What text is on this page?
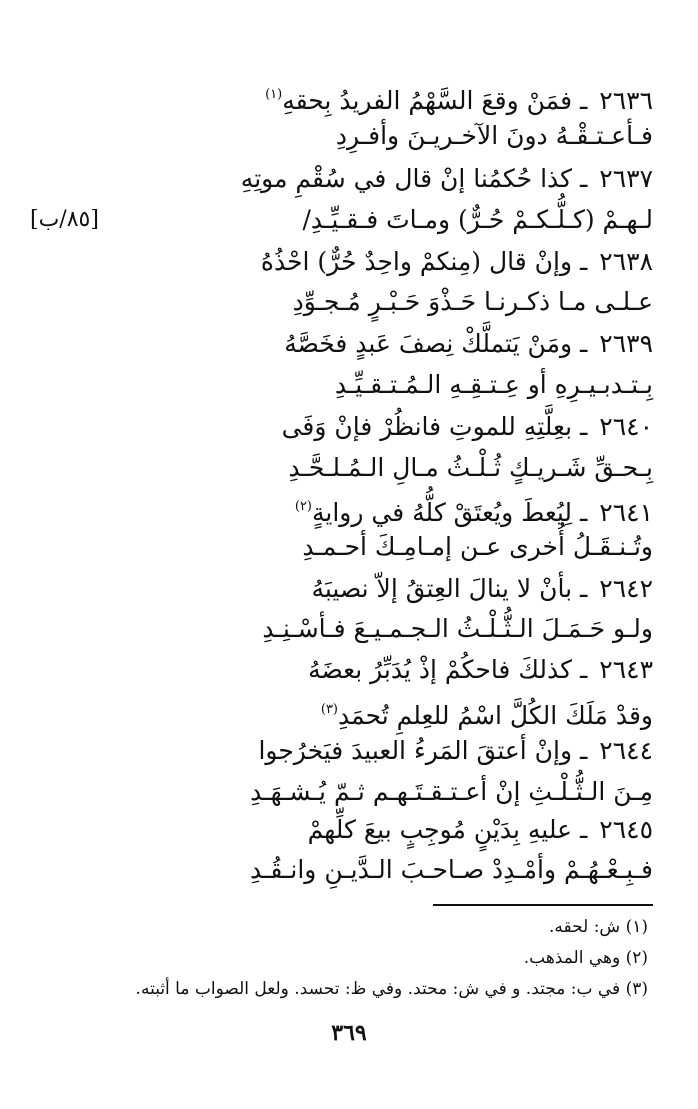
٢٦٣٦ ـ فمَنْ وقعَ السَّهْمُ الفريدُ بِحقهِ$^{(١)}$
فـأعـتـقْـهُ دونَ الآخـريـنَ وأفـرِدِ
٢٦٣٧ ـ كذا حُكمُنا إنْ قال في سُقْمِ موتِهِ
لـهـمْ (كـلُّـكـمْ حُـرٌّ) ومـاتَ فـقـيِّـدِ/
[٨٥/ب]
٢٦٣٨ ـ وإنْ قال (مِنكمْ واحِدٌ حُرٌّ) احْذُهُ
عـلـى مـا ذكـرنـا حَـذْوَ حَـبْـرٍ مُـجـوِّدِ
٢٦٣٩ ـ ومَنْ يَتملَّكْ نِصفَ عَبدٍ فخَصَّهُ
بِـتـدبـيـرِهِ أو عِـتـقِـهِ الـمُـتـقـيِّـدِ
٢٦٤٠ ـ بعِلَّتِهِ للموتِ فانظُرْ فإنْ وَفَى
بِـحـقِّ شَـريـكٍ ثُـلْـثُ مـالِ الـمُـلـحَّـدِ
٢٦٤١ ـ لِيُعطَ ويُعتَقْ كلُّهُ في روايةٍ$^{(٢)}$
وتُـنـقَـلُ أُخرى عـن إمـامِـكَ أحـمـدِ
٢٦٤٢ ـ بأنْ لا ينالَ العِتقُ إلاّ نصيبَهُ
ولـو حَـمَـلَ الـثُّـلْـثُ الـجـمـيـعَ فـأسْـنِـدِ
٢٦٤٣ ـ كذلكَ فاحكُمْ إذْ يُدَبِّرُ بعضَهُ
وقدْ مَلَكَ الكُلَّ اسْمُ للعِلمِ تُحمَدِ$^{(٣)}$
٢٦٤٤ ـ وإنْ أعتقَ المَرءُ العبيدَ فيَخرُجوا
مِـنَ الـثُّـلْـثِ إنْ أعـتـقـتَـهـم ثـمّ يُـشـهَـدِ
٢٦٤٥ ـ عليهِ بِدَيْنٍ مُوجِبٍ بيعَ كلِّهمْ
فـبِـعْـهُـمْ وأمْـدِدْ صـاحـبَ الـدَّيـنِ وانـقُـدِ
(١) ش: لحقه.
(٢) وهي المذهب.
(٣) في ب: مجتد. و في ش: محتد. وفي ظ: تحسد. ولعل الصواب ما أثبته.
٣٦٩
